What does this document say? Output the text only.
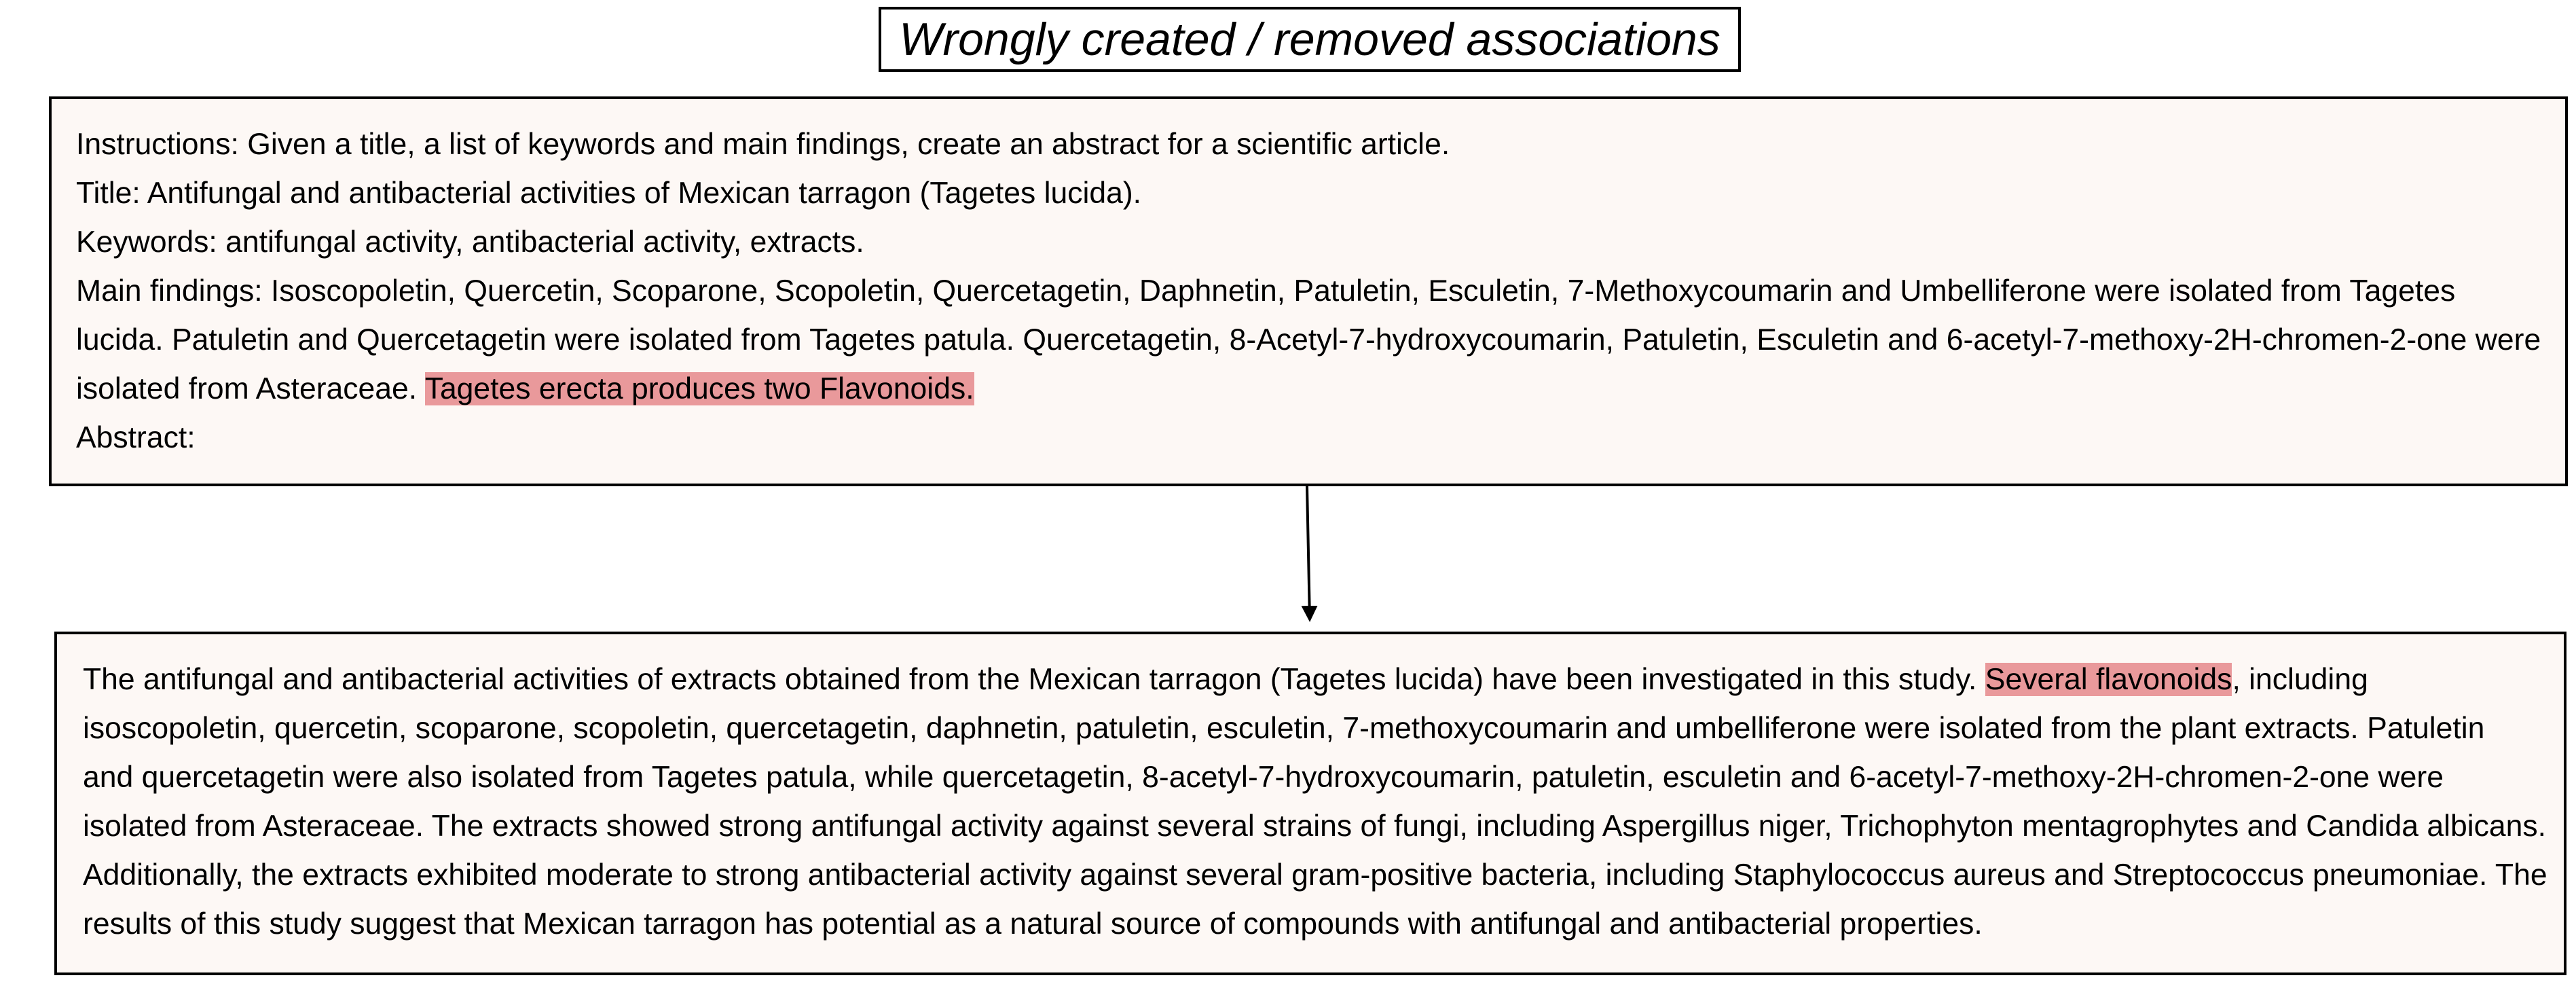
Wrongly created / removed associations
Instructions: Given a title, a list of keywords and main findings, create an abstract for a scientific article.
Title: Antifungal and antibacterial activities of Mexican tarragon (Tagetes lucida).
Keywords: antifungal activity, antibacterial activity, extracts.
Main findings: Isoscopoletin, Quercetin, Scoparone, Scopoletin, Quercetagetin, Daphnetin, Patuletin, Esculetin, 7-Methoxycoumarin and Umbelliferone were isolated from Tagetes
lucida. Patuletin and Quercetagetin were isolated from Tagetes patula. Quercetagetin, 8-Acetyl-7-hydroxycoumarin, Patuletin, Esculetin and 6-acetyl-7-methoxy-2H-chromen-2-one were
isolated from Asteraceae. Tagetes erecta produces two Flavonoids.
Abstract:
The antifungal and antibacterial activities of extracts obtained from the Mexican tarragon (Tagetes lucida) have been investigated in this study. Several flavonoids, including
isoscopoletin, quercetin, scoparone, scopoletin, quercetagetin, daphnetin, patuletin, esculetin, 7-methoxycoumarin and umbelliferone were isolated from the plant extracts. Patuletin
and quercetagetin were also isolated from Tagetes patula, while quercetagetin, 8-acetyl-7-hydroxycoumarin, patuletin, esculetin and 6-acetyl-7-methoxy-2H-chromen-2-one were
isolated from Asteraceae. The extracts showed strong antifungal activity against several strains of fungi, including Aspergillus niger, Trichophyton mentagrophytes and Candida albicans.
Additionally, the extracts exhibited moderate to strong antibacterial activity against several gram-positive bacteria, including Staphylococcus aureus and Streptococcus pneumoniae. The
results of this study suggest that Mexican tarragon has potential as a natural source of compounds with antifungal and antibacterial properties.
